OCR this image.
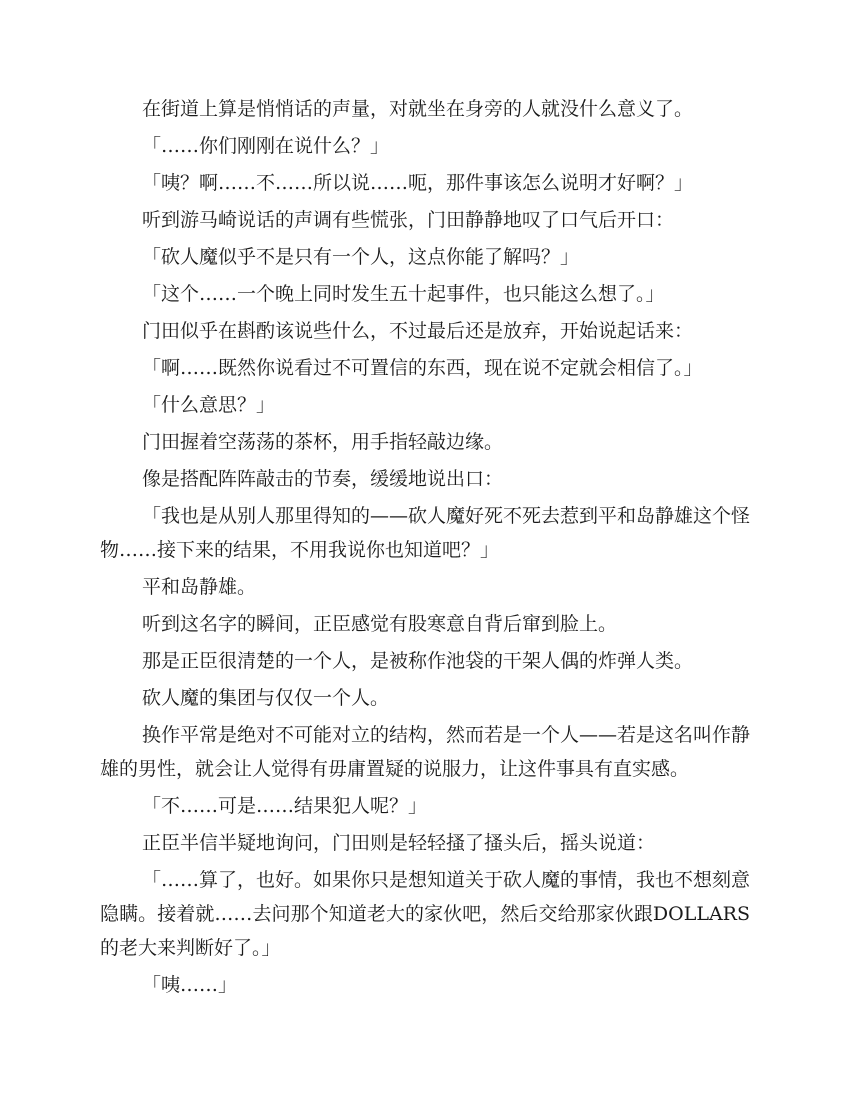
在街道上算是悄悄话的声量，对就坐在身旁的人就没什么意义了。

「……你们刚刚在说什么？」

「咦？啊……不……所以说……呃，那件事该怎么说明才好啊？」

听到游马崎说话的声调有些慌张，门田静静地叹了口气后开口：

「砍人魔似乎不是只有一个人，这点你能了解吗？」

「这个……一个晚上同时发生五十起事件，也只能这么想了。」

门田似乎在斟酌该说些什么，不过最后还是放弃，开始说起话来：

「啊……既然你说看过不可置信的东西，现在说不定就会相信了。」

「什么意思？」

门田握着空荡荡的茶杯，用手指轻敲边缘。

像是搭配阵阵敲击的节奏，缓缓地说出口：

「我也是从别人那里得知的——砍人魔好死不死去惹到平和岛静雄这个怪物……接下来的结果，不用我说你也知道吧？」

平和岛静雄。

听到这名字的瞬间，正臣感觉有股寒意自背后窜到脸上。

那是正臣很清楚的一个人，是被称作池袋的干架人偶的炸弹人类。

砍人魔的集团与仅仅一个人。

换作平常是绝对不可能对立的结构，然而若是一个人——若是这名叫作静雄的男性，就会让人觉得有毋庸置疑的说服力，让这件事具有直实感。

「不……可是……结果犯人呢？」

正臣半信半疑地询问，门田则是轻轻搔了搔头后，摇头说道：

「……算了，也好。如果你只是想知道关于砍人魔的事情，我也不想刻意隐瞒。接着就……去问那个知道老大的家伙吧，然后交给那家伙跟DOLLARS的老大来判断好了。」

「咦……」
